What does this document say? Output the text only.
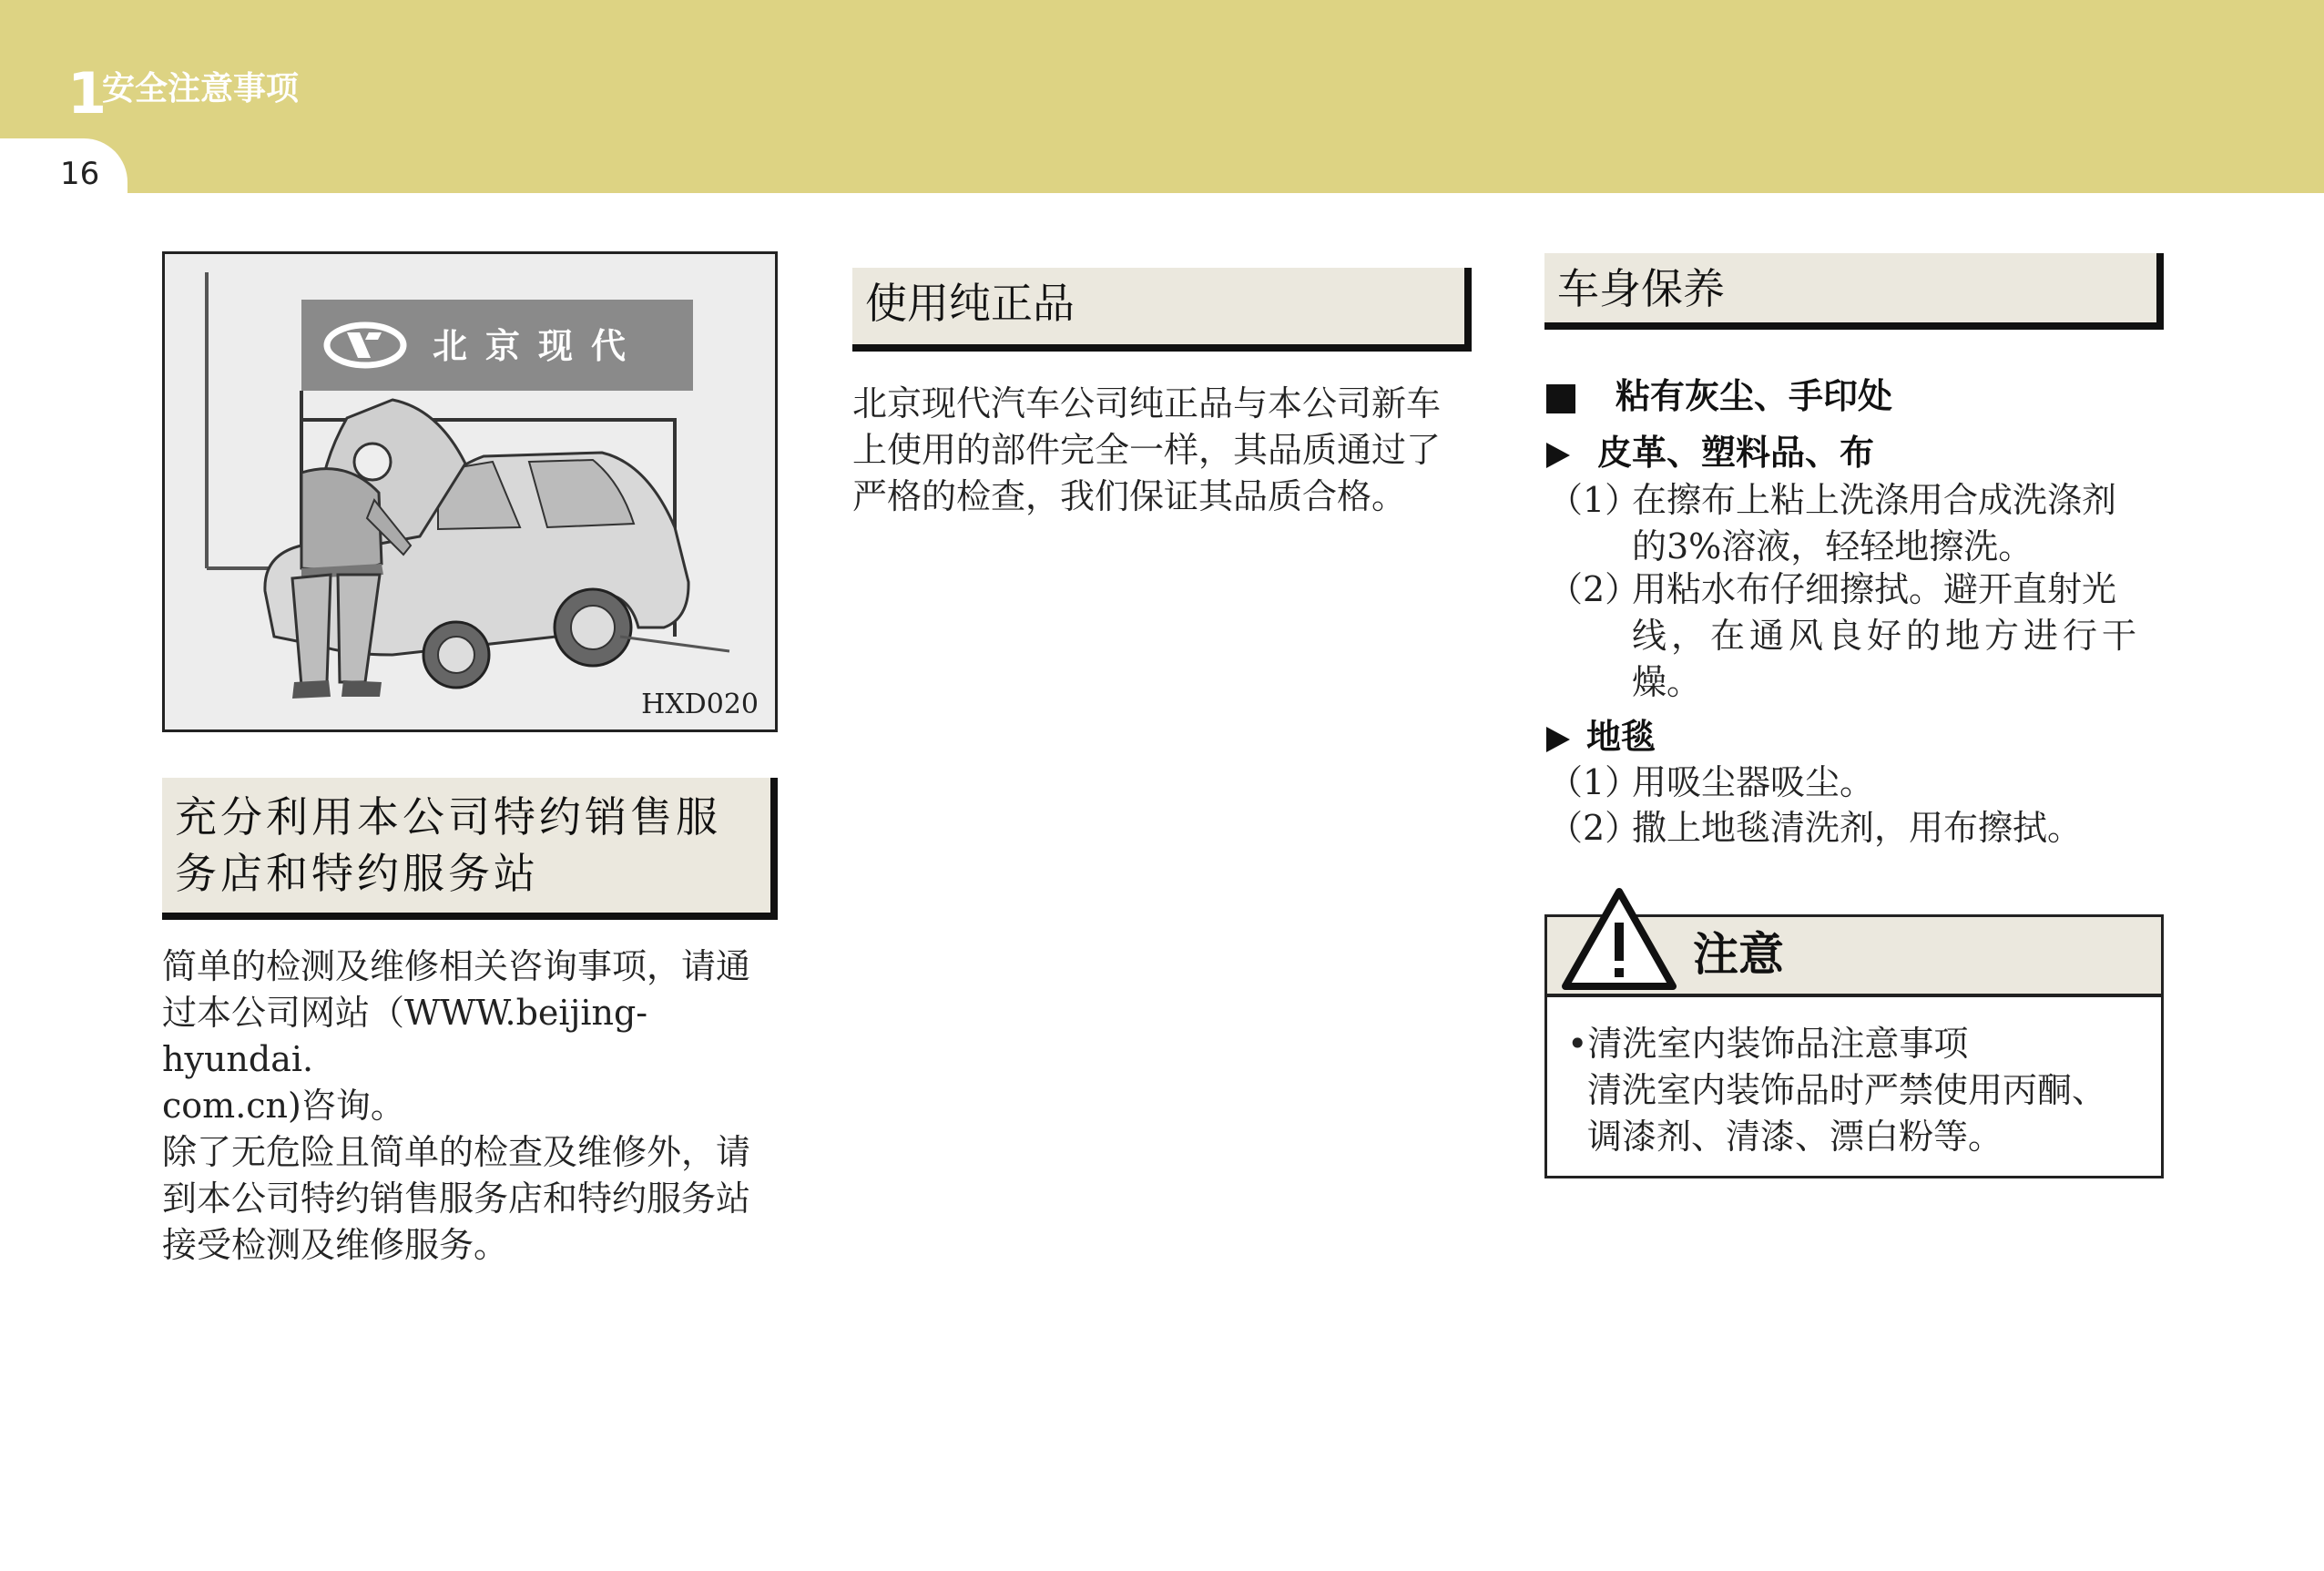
1
安全注意事项
16
北京现代
HXD020
充分利用本公司特约销售服
务店和特约服务站

简单的检测及维修相关咨询事项，请通

过本公司网站（WWW.beijing-hyundai.

com.cn)咨询。

除了无危险且简单的检查及维修外，请

到本公司特约销售服务店和特约服务站

接受检测及维修服务。

使用纯正品

北京现代汽车公司纯正品与本公司新车

上使用的部件完全一样，其品质通过了

严格的检查，我们保证其品质合格。

车身保养
粘有灰尘、手印处
皮革、塑料品、布
（1）
在擦布上粘上洗涤用合成洗涤剂
的3%溶液，轻轻地擦洗。
（2）
用粘水布仔细擦拭。避开直射光
线，在通风良好的地方进行干
燥。
地毯
（1）
用吸尘器吸尘。
（2）
撒上地毯清洗剂，用布擦拭。
注意

•清洗室内装饰品注意事项

清洗室内装饰品时严禁使用丙酮、

调漆剂、清漆、漂白粉等。
